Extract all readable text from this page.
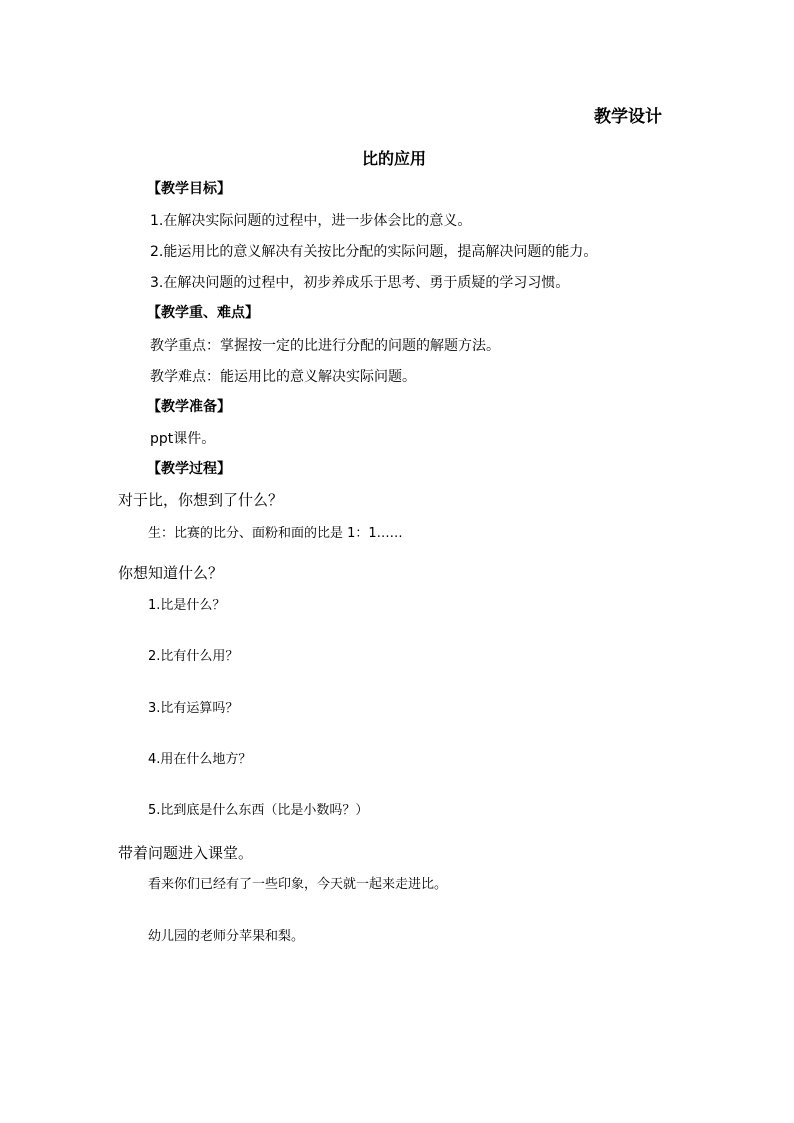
教学设计
比的应用
【教学目标】
1.在解决实际问题的过程中，进一步体会比的意义。
2.能运用比的意义解决有关按比分配的实际问题，提高解决问题的能力。
3.在解决问题的过程中，初步养成乐于思考、勇于质疑的学习习惯。
【教学重、难点】
教学重点：掌握按一定的比进行分配的问题的解题方法。
教学难点：能运用比的意义解决实际问题。
【教学准备】
ppt课件。
【教学过程】
对于比，你想到了什么？
生：比赛的比分、面粉和面的比是 1：1……
你想知道什么？
1.比是什么？
2.比有什么用？
3.比有运算吗？
4.用在什么地方？
5.比到底是什么东西（比是小数吗？）
带着问题进入课堂。
看来你们已经有了一些印象，今天就一起来走进比。
幼儿园的老师分苹果和梨。
